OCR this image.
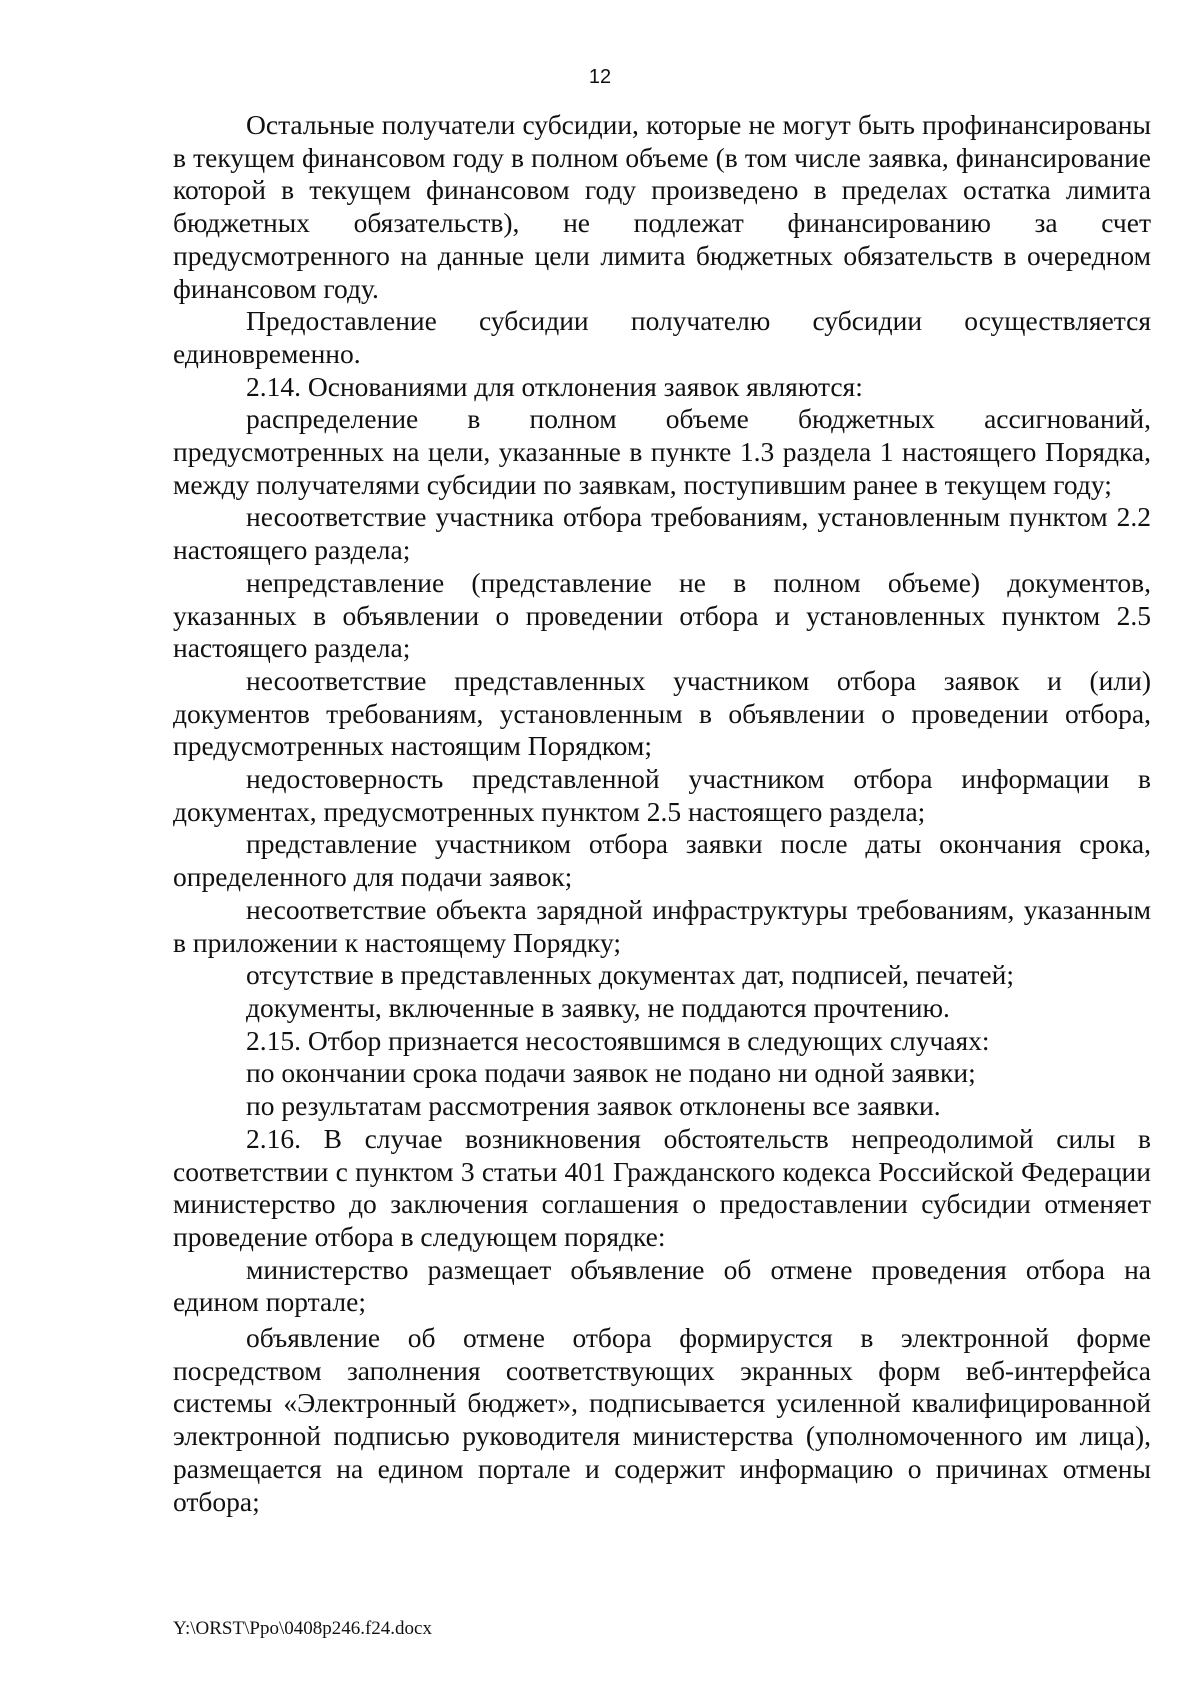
12

Остальные получатели субсидии, которые не могут быть профинансированы в текущем финансовом году в полном объеме (в том числе заявка, финансирование которой в текущем финансовом году произведено в пределах остатка лимита бюджетных обязательств), не подлежат финансированию за счет предусмотренного на данные цели лимита бюджетных обязательств в очередном финансовом году.

Предоставление субсидии получателю субсидии осуществляется единовременно.

2.14. Основаниями для отклонения заявок являются:

распределение в полном объеме бюджетных ассигнований, предусмотренных на цели, указанные в пункте 1.3 раздела 1 настоящего Порядка, между получателями субсидии по заявкам, поступившим ранее в текущем году;

несоответствие участника отбора требованиям, установленным пунктом 2.2 настоящего раздела;

непредставление (представление не в полном объеме) документов, указанных в объявлении о проведении отбора и установленных пунктом 2.5 настоящего раздела;

несоответствие представленных участником отбора заявок и (или) документов требованиям, установленным в объявлении о проведении отбора, предусмотренных настоящим Порядком;

недостоверность представленной участником отбора информации в документах, предусмотренных пунктом 2.5 настоящего раздела;

представление участником отбора заявки после даты окончания срока, определенного для подачи заявок;

несоответствие объекта зарядной инфраструктуры требованиям, указанным в приложении к настоящему Порядку;

отсутствие в представленных документах дат, подписей, печатей;

документы, включенные в заявку, не поддаются прочтению.

2.15. Отбор признается несостоявшимся в следующих случаях:

по окончании срока подачи заявок не подано ни одной заявки;

по результатам рассмотрения заявок отклонены все заявки.

2.16. В случае возникновения обстоятельств непреодолимой силы в соответствии с пунктом 3 статьи 401 Гражданского кодекса Российской Федерации министерство до заключения соглашения о предоставлении субсидии отменяет проведение отбора в следующем порядке:

министерство размещает объявление об отмене проведения отбора на едином портале;

объявление об отмене отбора формирустся в электронной форме посредством заполнения соответствующих экранных форм веб-интерфейса системы «Электронный бюджет», подписывается усиленной квалифицированной электронной подписью руководителя министерства (уполномоченного им лица), размещается на едином портале и содержит информацию о причинах отмены отбора;

Y:\ORST\Ppo\0408p246.f24.docx
